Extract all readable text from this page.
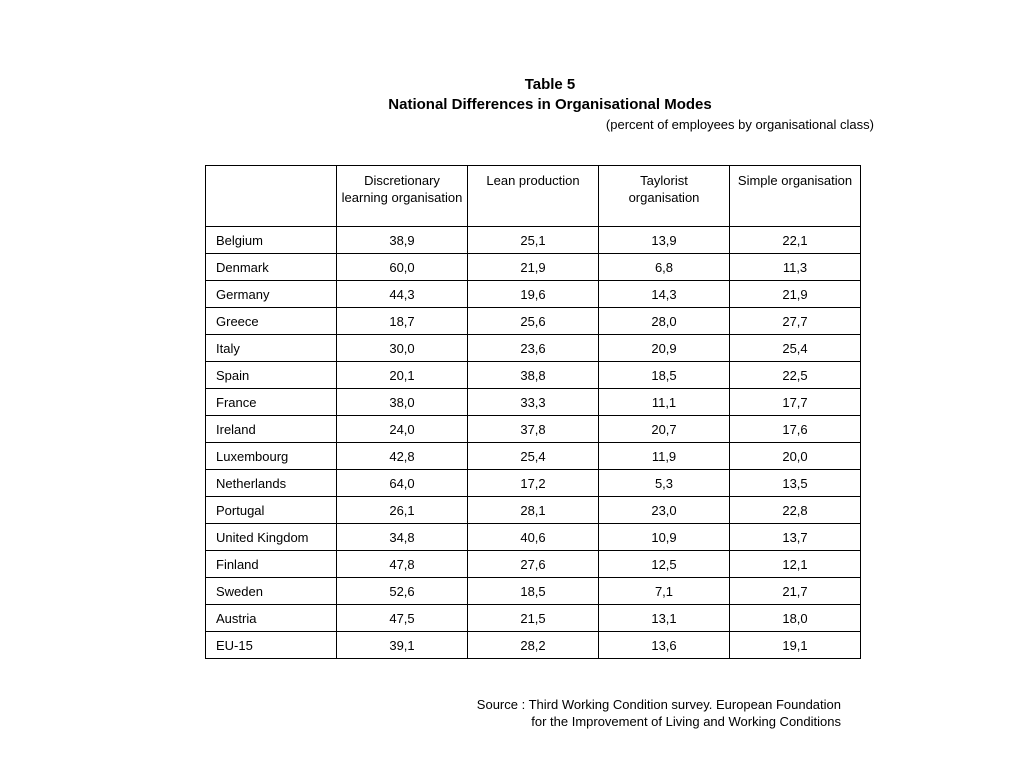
Table 5
National Differences in Organisational Modes
(percent of employees by organisational class)
	Discretionary learning organisation	Lean production	Taylorist organisation	Simple organisation
Belgium	38,9	25,1	13,9	22,1
Denmark	60,0	21,9	6,8	11,3
Germany	44,3	19,6	14,3	21,9
Greece	18,7	25,6	28,0	27,7
Italy	30,0	23,6	20,9	25,4
Spain	20,1	38,8	18,5	22,5
France	38,0	33,3	11,1	17,7
Ireland	24,0	37,8	20,7	17,6
Luxembourg	42,8	25,4	11,9	20,0
Netherlands	64,0	17,2	5,3	13,5
Portugal	26,1	28,1	23,0	22,8
United Kingdom	34,8	40,6	10,9	13,7
Finland	47,8	27,6	12,5	12,1
Sweden	52,6	18,5	7,1	21,7
Austria	47,5	21,5	13,1	18,0
EU-15	39,1	28,2	13,6	19,1
Source : Third Working Condition survey. European Foundation
for the Improvement of Living and Working Conditions
